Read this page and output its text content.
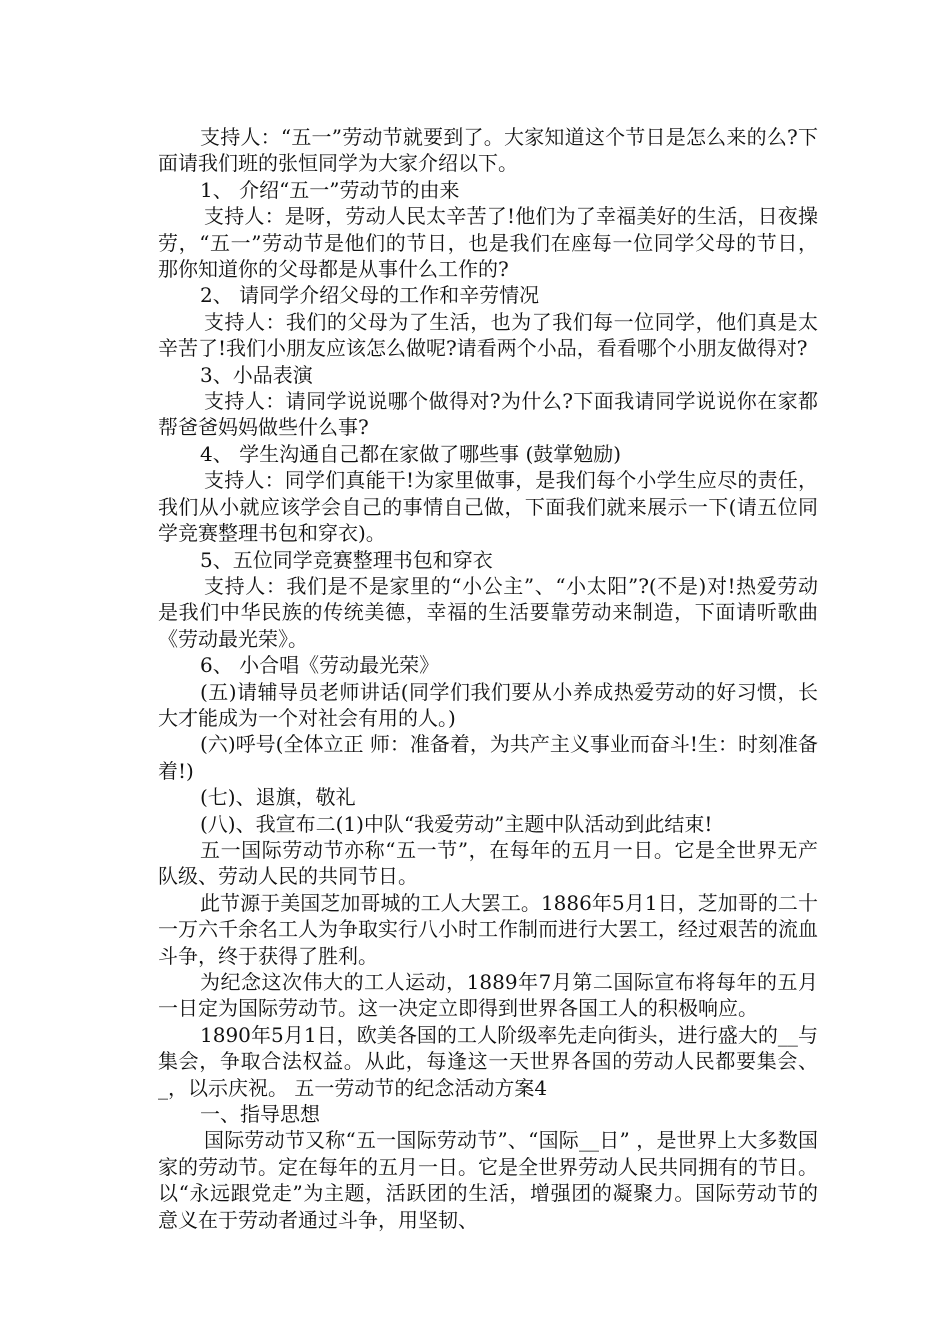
支持人：“五一”劳动节就要到了。大家知道这个节日是怎么来的么?下面请我们班的张恒同学为大家介绍以下。

1、 介绍“五一”劳动节的由来

支持人：是呀，劳动人民太辛苦了!他们为了幸福美好的生活，日夜操劳，“五一”劳动节是他们的节日，也是我们在座每一位同学父母的节日，那你知道你的父母都是从事什么工作的?

2、 请同学介绍父母的工作和辛劳情况

支持人：我们的父母为了生活，也为了我们每一位同学，他们真是太辛苦了!我们小朋友应该怎么做呢?请看两个小品，看看哪个小朋友做得对?

3、小品表演

支持人：请同学说说哪个做得对?为什么?下面我请同学说说你在家都帮爸爸妈妈做些什么事?

4、 学生沟通自己都在家做了哪些事 (鼓掌勉励)

支持人：同学们真能干!为家里做事，是我们每个小学生应尽的责任，我们从小就应该学会自己的事情自己做，下面我们就来展示一下(请五位同学竞赛整理书包和穿衣)。

5、五位同学竞赛整理书包和穿衣

支持人：我们是不是家里的“小公主”、“小太阳”?(不是)对!热爱劳动是我们中华民族的传统美德，幸福的生活要靠劳动来制造，下面请听歌曲《劳动最光荣》。

6、 小合唱《劳动最光荣》

(五)请辅导员老师讲话(同学们我们要从小养成热爱劳动的好习惯，长大才能成为一个对社会有用的人。)

(六)呼号(全体立正 师：准备着，为共产主义事业而奋斗!生：时刻准备着!)

(七)、退旗，敬礼

(八)、我宣布二(1)中队“我爱劳动”主题中队活动到此结束!

五一国际劳动节亦称“五一节”，在每年的五月一日。它是全世界无产队级、劳动人民的共同节日。

此节源于美国芝加哥城的工人大罢工。1886年5月1日，芝加哥的二十一万六千余名工人为争取实行八小时工作制而进行大罢工，经过艰苦的流血斗争，终于获得了胜利。

为纪念这次伟大的工人运动，1889年7月第二国际宣布将每年的五月一日定为国际劳动节。这一决定立即得到世界各国工人的积极响应。

1890年5月1日，欧美各国的工人阶级率先走向街头，进行盛大的__与集会，争取合法权益。从此，每逢这一天世界各国的劳动人民都要集会、_，以示庆祝。 五一劳动节的纪念活动方案4

一、指导思想

国际劳动节又称“五一国际劳动节”、“国际__日” ，是世界上大多数国家的劳动节。定在每年的五月一日。它是全世界劳动人民共同拥有的节日。以“永远跟党走”为主题，活跃团的生活，增强团的凝聚力。国际劳动节的意义在于劳动者通过斗争，用坚韧、
